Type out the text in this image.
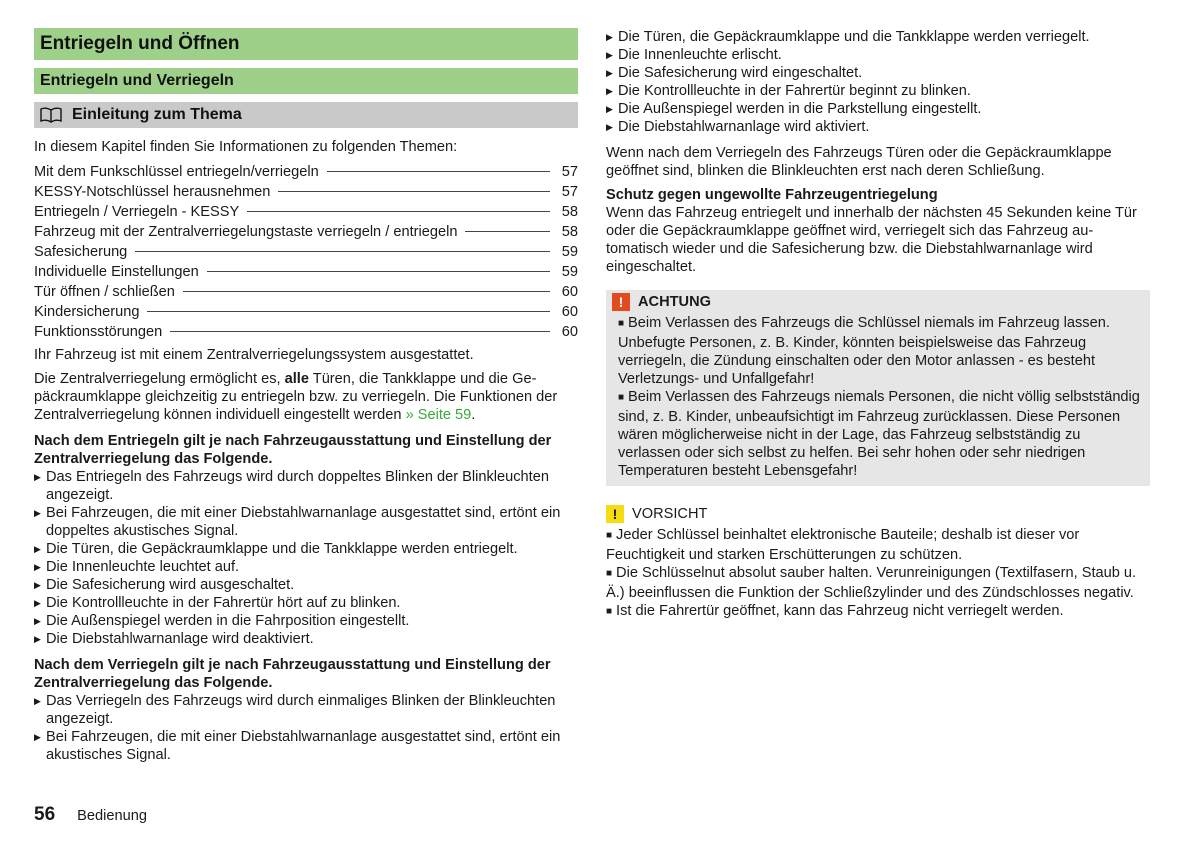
Entriegeln und Öffnen
Entriegeln und Verriegeln
Einleitung zum Thema

In diesem Kapitel finden Sie Informationen zu folgenden Themen:

Mit dem Funkschlüssel entriegeln/verriegeln	57
KESSY-Notschlüssel herausnehmen	57
Entriegeln / Verriegeln - KESSY	58
Fahrzeug mit der Zentralverriegelungstaste verriegeln / entriegeln	58
Safesicherung	59
Individuelle Einstellungen	59
Tür öffnen / schließen	60
Kindersicherung	60
Funktionsstörungen	60

Ihr Fahrzeug ist mit einem Zentralverriegelungssystem ausgestattet.

Die Zentralverriegelung ermöglicht es, alle Türen, die Tankklappe und die Gepäckraumklappe gleichzeitig zu entriegeln bzw. zu verriegeln. Die Funktionen der Zentralverriegelung können individuell eingestellt werden » Seite 59.

Nach dem Entriegeln gilt je nach Fahrzeugausstattung und Einstellung der Zentralverriegelung das Folgende.
▶ Das Entriegeln des Fahrzeugs wird durch doppeltes Blinken der Blinkleuchten angezeigt.
▶ Bei Fahrzeugen, die mit einer Diebstahlwarnanlage ausgestattet sind, ertönt ein doppeltes akustisches Signal.
▶ Die Türen, die Gepäckraumklappe und die Tankklappe werden entriegelt.
▶ Die Innenleuchte leuchtet auf.
▶ Die Safesicherung wird ausgeschaltet.
▶ Die Kontrollleuchte in der Fahrertür hört auf zu blinken.
▶ Die Außenspiegel werden in die Fahrposition eingestellt.
▶ Die Diebstahlwarnanlage wird deaktiviert.
Nach dem Verriegeln gilt je nach Fahrzeugausstattung und Einstellung der Zentralverriegelung das Folgende.
▶ Das Verriegeln des Fahrzeugs wird durch einmaliges Blinken der Blinkleuchten angezeigt.
▶ Bei Fahrzeugen, die mit einer Diebstahlwarnanlage ausgestattet sind, ertönt ein akustisches Signal.
▶ Die Türen, die Gepäckraumklappe und die Tankklappe werden verriegelt.
▶ Die Innenleuchte erlischt.
▶ Die Safesicherung wird eingeschaltet.
▶ Die Kontrollleuchte in der Fahrertür beginnt zu blinken.
▶ Die Außenspiegel werden in die Parkstellung eingestellt.
▶ Die Diebstahlwarnanlage wird aktiviert.

Wenn nach dem Verriegeln des Fahrzeugs Türen oder die Gepäckraumklappe geöffnet sind, blinken die Blinkleuchten erst nach deren Schließung.

Schutz gegen ungewollte Fahrzeugentriegelung

Wenn das Fahrzeug entriegelt und innerhalb der nächsten 45 Sekunden keine Tür oder die Gepäckraumklappe geöffnet wird, verriegelt sich das Fahrzeug automatisch wieder und die Safesicherung bzw. die Diebstahlwarnanlage wird eingeschaltet.

!	ACHTUNG
■ Beim Verlassen des Fahrzeugs die Schlüssel niemals im Fahrzeug lassen. Unbefugte Personen, z. B. Kinder, könnten beispielsweise das Fahrzeug verriegeln, die Zündung einschalten oder den Motor anlassen - es besteht Verletzungs- und Unfallgefahr!
■ Beim Verlassen des Fahrzeugs niemals Personen, die nicht völlig selbstständig sind, z. B. Kinder, unbeaufsichtigt im Fahrzeug zurücklassen. Diese Personen wären möglicherweise nicht in der Lage, das Fahrzeug selbstständig zu verlassen oder sich selbst zu helfen. Bei sehr hohen oder sehr niedrigen Temperaturen besteht Lebensgefahr!
!	VORSICHT
■ Jeder Schlüssel beinhaltet elektronische Bauteile; deshalb ist dieser vor Feuchtigkeit und starken Erschütterungen zu schützen.
■ Die Schlüsselnut absolut sauber halten. Verunreinigungen (Textilfasern, Staub u. Ä.) beeinflussen die Funktion der Schließzylinder und des Zündschlosses negativ.
■ Ist die Fahrertür geöffnet, kann das Fahrzeug nicht verriegelt werden.
56 Bedienung
